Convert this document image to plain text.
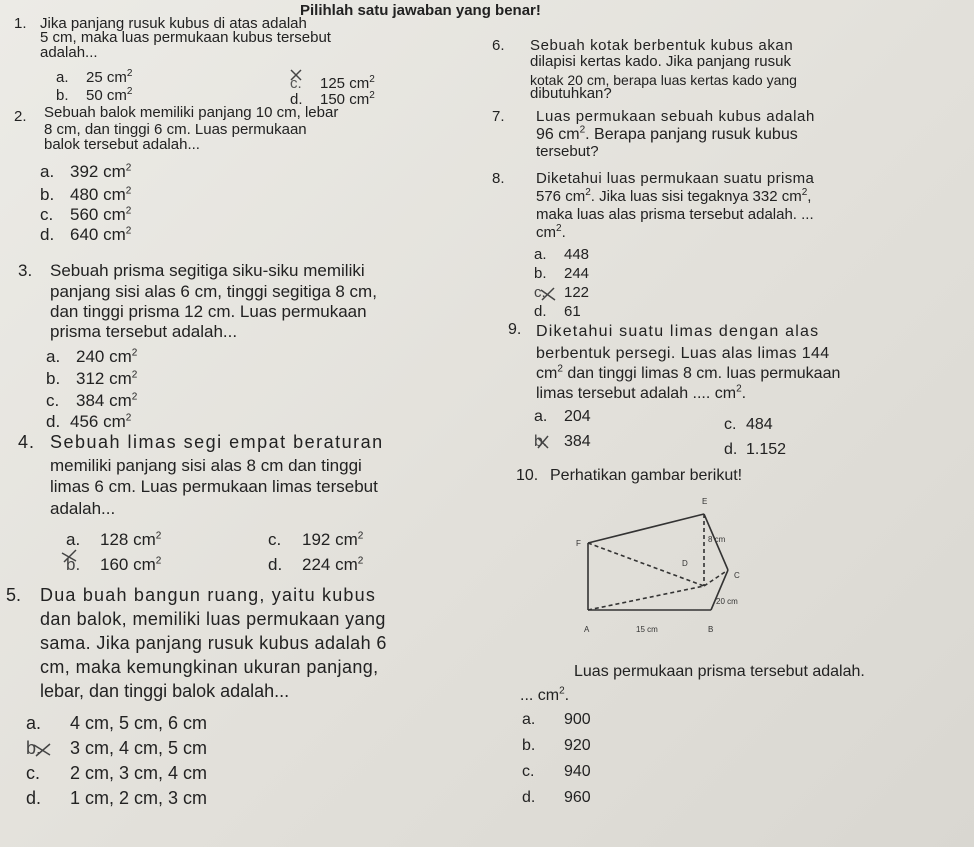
Pilihlah satu jawaban yang benar!
1. Jika panjang rusuk kubus di atas adalah
5 cm, maka luas permukaan kubus tersebut
adalah...
a. 25 $cm^2$
b. 50 $cm^2$	c. 125 $cm^2$
d. 150 $cm^2$
2. Sebuah balok memiliki panjang 10 cm, lebar
8 cm, dan tinggi 6 cm. Luas permukaan
balok tersebut adalah...
a. 392 $cm^2$
b. 480 $cm^2$
c. 560 $cm^2$
d. 640 $cm^2$
3. Sebuah prisma segitiga siku-siku memiliki
panjang sisi alas 6 cm, tinggi segitiga 8 cm,
dan tinggi prisma 12 cm. Luas permukaan
prisma tersebut adalah...
a. 240 $cm^2$
b. 312 $cm^2$
c. 384 $cm^2$
d. 456 $cm^2$
4. Sebuah limas segi empat beraturan
memiliki panjang sisi alas 8 cm dan tinggi
limas 6 cm. Luas permukaan limas tersebut
adalah...
a. 128 $cm^2$
b. 160 $cm^2$
c. 192 $cm^2$
d. 224 $cm^2$
5. Dua buah bangun ruang, yaitu kubus
dan balok, memiliki luas permukaan yang
sama. Jika panjang rusuk kubus adalah 6
cm, maka kemungkinan ukuran panjang,
lebar, dan tinggi balok adalah...
a. 4 cm, 5 cm, 6 cm
b. 3 cm, 4 cm, 5 cm
c. 2 cm, 3 cm, 4 cm
d. 1 cm, 2 cm, 3 cm
6. Sebuah kotak berbentuk kubus akan
dilapisi kertas kado. Jika panjang rusuk
kotak 20 cm, berapa luas kertas kado yang
dibutuhkan?
7. Luas permukaan sebuah kubus adalah
96 $cm^2$. Berapa panjang rusuk kubus
tersebut?
8. Diketahui luas permukaan suatu prisma
576 $cm^2$. Jika luas sisi tegaknya 332 $cm^2$,
maka luas alas prisma tersebut adalah. ...
$cm^2$.
a. 448
b. 244
c. 122
d. 61
9. Diketahui suatu limas dengan alas
berbentuk persegi. Luas alas limas 144
$cm^2$ dan tinggi limas 8 cm. luas permukaan
limas tersebut adalah .... $cm^2$.
a. 204
b. 384
c. 484
d. 1.152
10. Perhatikan gambar berikut!
E
F
D
C
A	B
8 cm
20 cm
15 cm
Luas permukaan prisma tersebut adalah.
... $cm^2$.
a. 900
b. 920
c. 940
d. 960
